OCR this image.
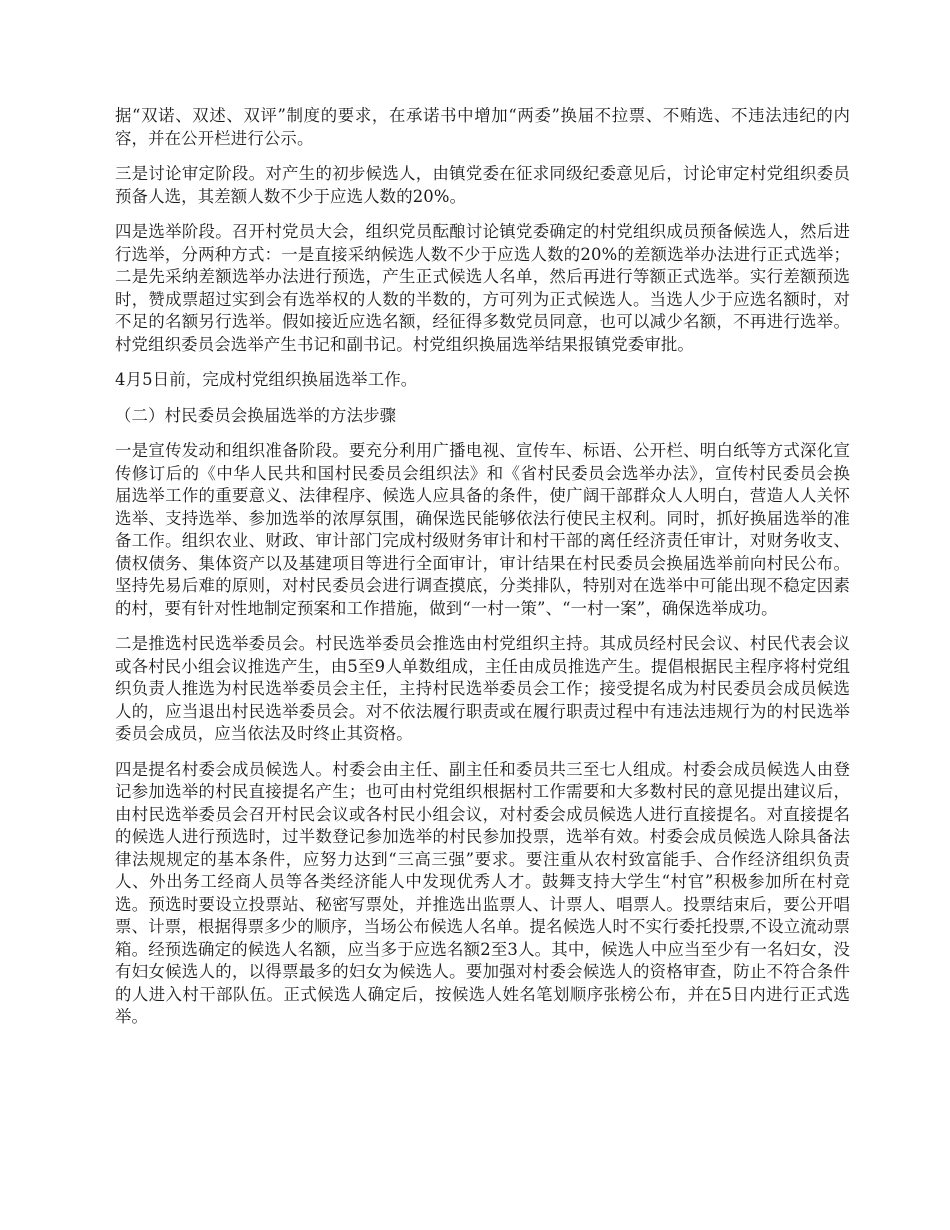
据“双诺、双述、双评”制度的要求，在承诺书中增加“两委”换届不拉票、不贿选、不违法违纪的内容，并在公开栏进行公示。

三是讨论审定阶段。对产生的初步候选人，由镇党委在征求同级纪委意见后，讨论审定村党组织委员预备人选，其差额人数不少于应选人数的20%。

四是选举阶段。召开村党员大会，组织党员酝酿讨论镇党委确定的村党组织成员预备候选人，然后进行选举，分两种方式：一是直接采纳候选人数不少于应选人数的20%的差额选举办法进行正式选举；二是先采纳差额选举办法进行预选，产生正式候选人名单，然后再进行等额正式选举。实行差额预选时，赞成票超过实到会有选举权的人数的半数的，方可列为正式候选人。当选人少于应选名额时，对不足的名额另行选举。假如接近应选名额，经征得多数党员同意，也可以减少名额，不再进行选举。村党组织委员会选举产生书记和副书记。村党组织换届选举结果报镇党委审批。

4月5日前，完成村党组织换届选举工作。

（二）村民委员会换届选举的方法步骤

一是宣传发动和组织准备阶段。要充分利用广播电视、宣传车、标语、公开栏、明白纸等方式深化宣传修订后的《中华人民共和国村民委员会组织法》和《省村民委员会选举办法》，宣传村民委员会换届选举工作的重要意义、法律程序、候选人应具备的条件，使广阔干部群众人人明白，营造人人关怀选举、支持选举、参加选举的浓厚氛围，确保选民能够依法行使民主权利。同时，抓好换届选举的准备工作。组织农业、财政、审计部门完成村级财务审计和村干部的离任经济责任审计，对财务收支、债权债务、集体资产以及基建项目等进行全面审计，审计结果在村民委员会换届选举前向村民公布。坚持先易后难的原则，对村民委员会进行调查摸底，分类排队，特别对在选举中可能出现不稳定因素的村，要有针对性地制定预案和工作措施，做到“一村一策”、“一村一案”，确保选举成功。

二是推选村民选举委员会。村民选举委员会推选由村党组织主持。其成员经村民会议、村民代表会议或各村民小组会议推选产生，由5至9人单数组成，主任由成员推选产生。提倡根据民主程序将村党组织负责人推选为村民选举委员会主任，主持村民选举委员会工作；接受提名成为村民委员会成员候选人的，应当退出村民选举委员会。对不依法履行职责或在履行职责过程中有违法违规行为的村民选举委员会成员，应当依法及时终止其资格。

四是提名村委会成员候选人。村委会由主任、副主任和委员共三至七人组成。村委会成员候选人由登记参加选举的村民直接提名产生；也可由村党组织根据村工作需要和大多数村民的意见提出建议后，由村民选举委员会召开村民会议或各村民小组会议，对村委会成员候选人进行直接提名。对直接提名的候选人进行预选时，过半数登记参加选举的村民参加投票，选举有效。村委会成员候选人除具备法律法规规定的基本条件，应努力达到“三高三强”要求。要注重从农村致富能手、合作经济组织负责人、外出务工经商人员等各类经济能人中发现优秀人才。鼓舞支持大学生“村官”积极参加所在村竞选。预选时要设立投票站、秘密写票处，并推选出监票人、计票人、唱票人。投票结束后，要公开唱票、计票，根据得票多少的顺序，当场公布候选人名单。提名候选人时不实行委托投票,不设立流动票箱。经预选确定的候选人名额，应当多于应选名额2至3人。其中，候选人中应当至少有一名妇女，没有妇女候选人的，以得票最多的妇女为候选人。要加强对村委会候选人的资格审查，防止不符合条件的人进入村干部队伍。正式候选人确定后，按候选人姓名笔划顺序张榜公布，并在5日内进行正式选举。
